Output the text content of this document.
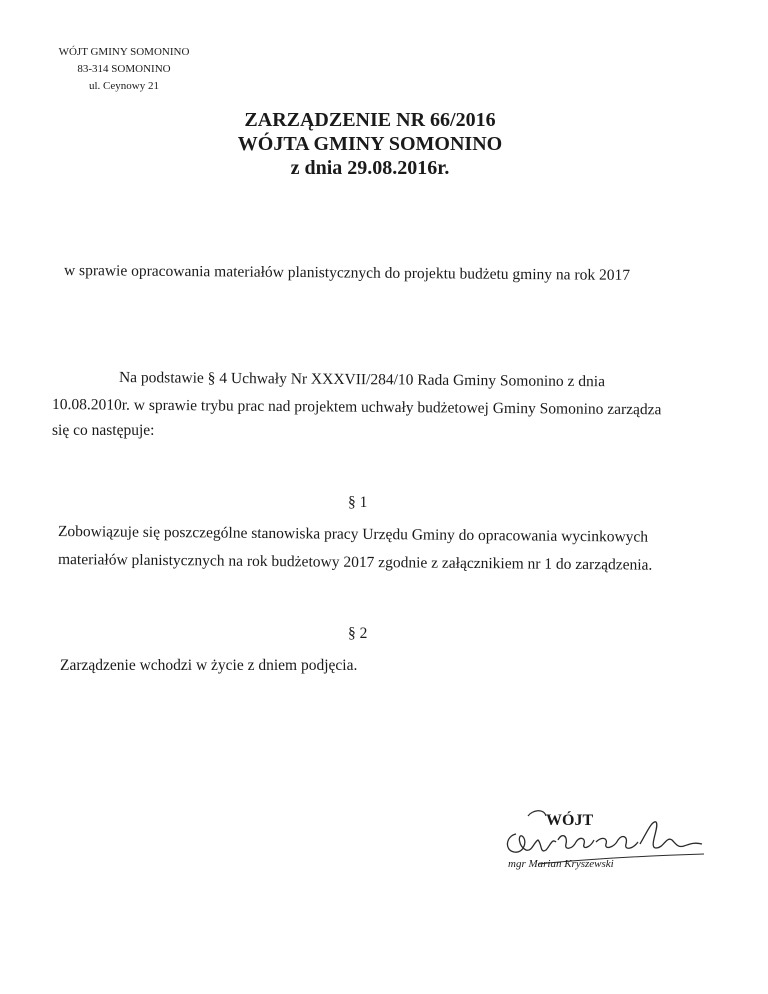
WÓJT GMINY SOMONINO
83-314 SOMONINO
ul. Ceynowy 21
ZARZĄDZENIE NR 66/2016
WÓJTA GMINY SOMONINO
z dnia 29.08.2016r.
w sprawie opracowania materiałów planistycznych do projektu budżetu gminy na rok 2017
Na podstawie § 4 Uchwały Nr XXXVII/284/10 Rada Gminy Somonino z dnia
10.08.2010r. w sprawie trybu prac nad projektem uchwały budżetowej Gminy Somonino zarządza
się co następuje:
§ 1
Zobowiązuje się poszczególne stanowiska pracy Urzędu Gminy do opracowania wycinkowych
materiałów planistycznych na rok budżetowy 2017 zgodnie z załącznikiem nr 1 do zarządzenia.
§ 2
Zarządzenie wchodzi w życie z dniem podjęcia.
WÓJT
mgr Marian Kryszewski
